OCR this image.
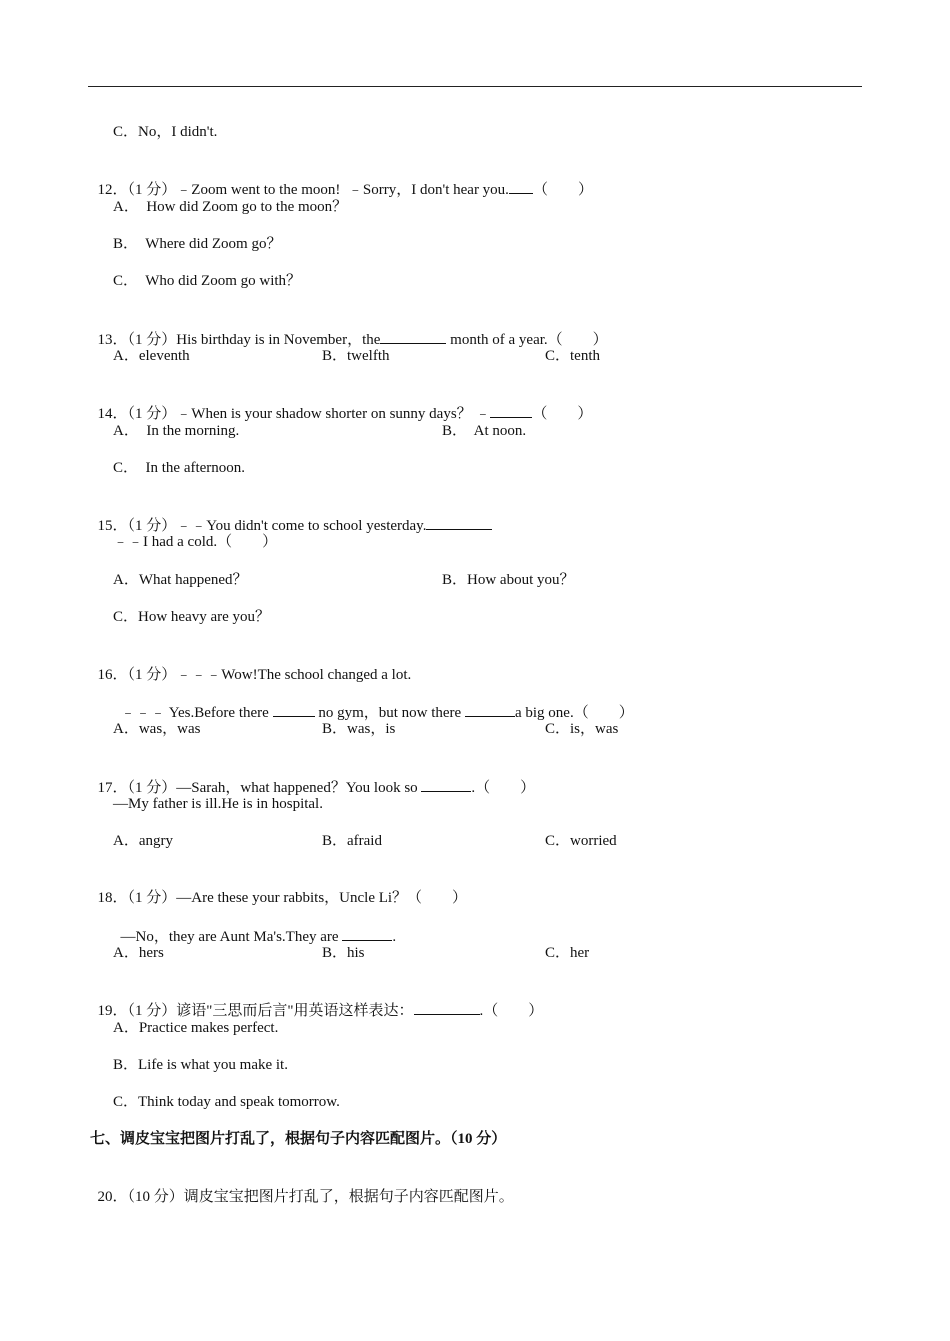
C．No，I didn't.

12．（1 分）﹣Zoom went to the moon!  ﹣Sorry，I don't hear you. （　　）

A．  How did Zoom go to the moon？
B．  Where did Zoom go？
C．  Who did Zoom go with？

13．（1 分）His birthday is in November，the	month of a year.（　　）

A．eleventh	B．twelfth	C．tenth

14．（1 分）﹣When is your shadow shorter on sunny days？ ﹣	（　　）

A．  In the morning.	B．  At noon.
C．  In the afternoon.

15．（1 分）﹣﹣You didn't come to school yesterday.

﹣﹣I had a cold.（　　）
A．What happened？	B．How about you？
C．How heavy are you？

16．（1 分）﹣﹣﹣Wow!The school changed a lot.

﹣﹣﹣ Yes.Before there	no gym，but now there	a big one.（　　）

A．was，was	B．was，is	C．is，was

17．（1 分）—Sarah，what happened？You look so	.（　　）

—My father is ill.He is in hospital.
A．angry	B．afraid	C．worried

18．（1 分）—Are these your rabbits，Uncle Li？（　　）

—No，they are Aunt Ma's.They are	.

A．hers	B．his	C．her

19．（1 分）谚语"三思而后言"用英语这样表达：	.（　　）

A．Practice makes perfect.
B．Life is what you make it.
C．Think today and speak tomorrow.
七、调皮宝宝把图片打乱了，根据句子内容匹配图片。（10 分）

20．（10 分）调皮宝宝把图片打乱了，根据句子内容匹配图片。
